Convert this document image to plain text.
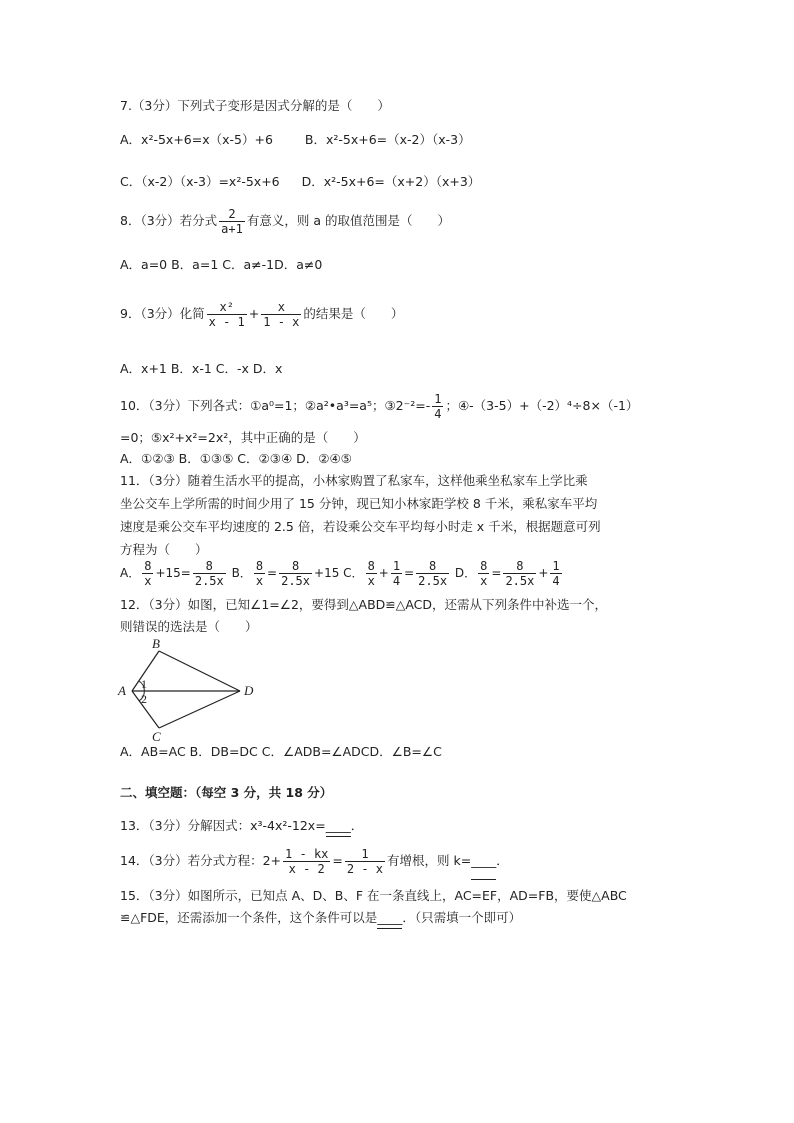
7.（3分）下列式子变形是因式分解的是（　　）
A．x²-5x+6=x（x-5）+6	B．x²-5x+6=（x-2）（x-3）
C．（x-2）（x-3）=x²-5x+6 D．x²-5x+6=（x+2）（x+3）
8．（3分）若分式 $\frac{2}{a+1}$ 有意义，则 a 的取值范围是（　　）
A．a=0 B．a=1 C．a≠-1D．a≠0
9．（3分）化简 $\frac{\text{x²}}{x - 1} + \frac{x}{1 - x}$ 的结果是（　　）
A．x+1 B．x-1 C．-x D．x
10．（3分）下列各式：①a⁰=1；②a²•a³=a⁵；③2⁻²=- $\frac{1}{4}$ ；④-（3-5）+（-2）⁴÷8×（-1）
=0；⑤x²+x²=2x²，其中正确的是（　　）
A．①②③ B．①③⑤ C．②③④ D．②④⑤
11．（3分）随着生活水平的提高，小林家购置了私家车，这样他乘坐私家车上学比乘
坐公交车上学所需的时间少用了 15 分钟，现已知小林家距学校 8 千米，乘私家车平均
速度是乘公交车平均速度的 2.5 倍，若设乘公交车平均每小时走 x 千米，根据题意可列
方程为（　　）
A． $\frac{8}{x} +15= \frac{8}{2.5x}$ B． $\frac{8}{x} = \frac{8}{2.5x} +15$ C． $\frac{8}{x} + \frac{1}{4} = \frac{8}{2.5x}$ D． $\frac{8}{x} = \frac{8}{2.5x} + \frac{1}{4}$
12．（3分）如图，已知∠1=∠2，要得到△ABD≌△ACD，还需从下列条件中补选一个，
则错误的选法是（　　）
A
B
C
D
1
2
A．AB=AC B．DB=DC C．∠ADB=∠ADCD．∠B=∠C
二、填空题：（每空 3 分，共 18 分）
13．（3分）分解因式：x³-4x²-12x=____．
14．（3分）若分式方程：$2+ \frac{1 - kx}{x - 2} = \frac{1}{2 - x}$ 有增根，则 k=____．
15．（3分）如图所示，已知点 A、D、B、F 在一条直线上，AC=EF，AD=FB，要使△ABC
≌△FDE，还需添加一个条件，这个条件可以是____．（只需填一个即可）
